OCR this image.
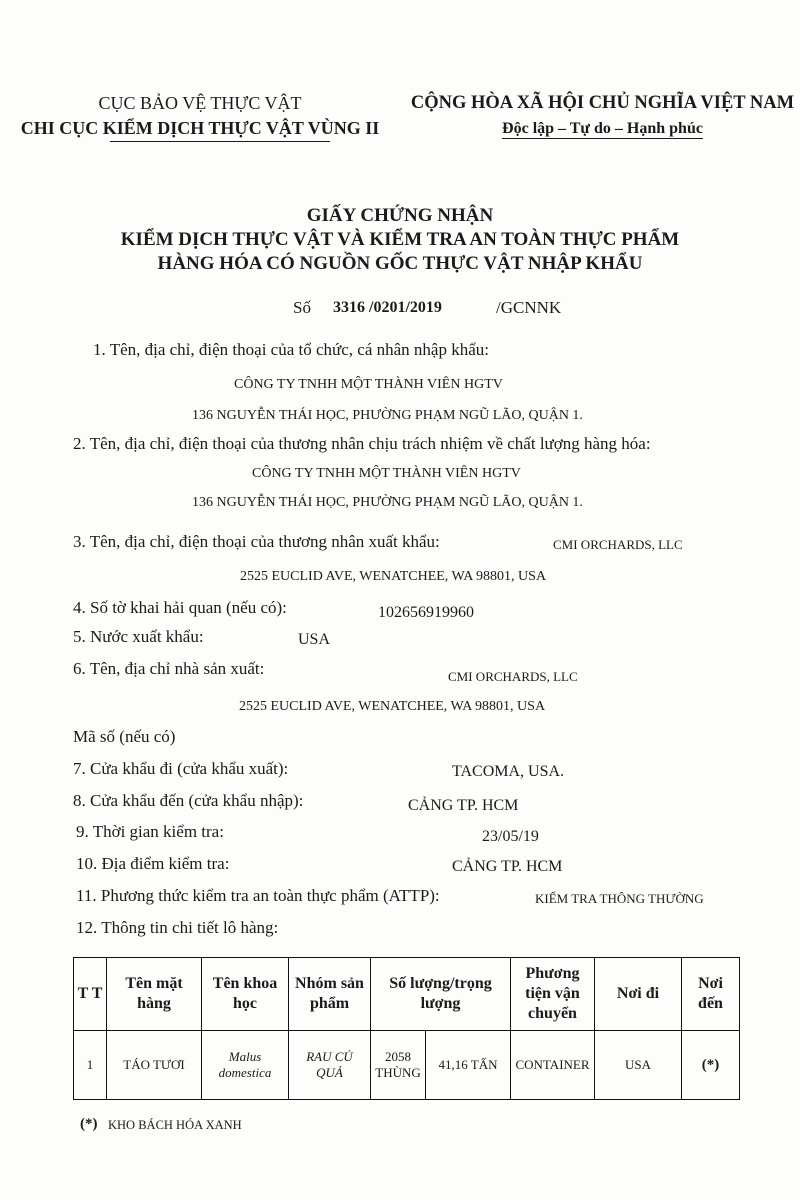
CỤC BẢO VỆ THỰC VẬT
CHI CỤC KIỂM DỊCH THỰC VẬT VÙNG II
CỘNG HÒA XÃ HỘI CHỦ NGHĨA VIỆT NAM
Độc lập – Tự do – Hạnh phúc
GIẤY CHỨNG NHẬN
KIỂM DỊCH THỰC VẬT VÀ KIỂM TRA AN TOÀN THỰC PHẨM
HÀNG HÓA CÓ NGUỒN GỐC THỰC VẬT NHẬP KHẨU
Số 3316 /0201/2019	/GCNNK
1. Tên, địa chỉ, điện thoại của tổ chức, cá nhân nhập khẩu:
CÔNG TY TNHH MỘT THÀNH VIÊN HGTV
136 NGUYỄN THÁI HỌC, PHƯỜNG PHẠM NGŨ LÃO, QUẬN 1.
2. Tên, địa chỉ, điện thoại của thương nhân chịu trách nhiệm về chất lượng hàng hóa:
CÔNG TY TNHH MỘT THÀNH VIÊN HGTV
136 NGUYỄN THÁI HỌC, PHƯỜNG PHẠM NGŨ LÃO, QUẬN 1.
3. Tên, địa chỉ, điện thoại của thương nhân xuất khẩu:	CMI ORCHARDS, LLC
2525 EUCLID AVE, WENATCHEE, WA 98801, USA
4. Số tờ khai hải quan (nếu có):	102656919960
5. Nước xuất khẩu:	USA
6. Tên, địa chỉ nhà sản xuất:	CMI ORCHARDS, LLC
2525 EUCLID AVE, WENATCHEE, WA 98801, USA
Mã số (nếu có)
7. Cửa khẩu đi (cửa khẩu xuất):	TACOMA, USA.
8. Cửa khẩu đến (cửa khẩu nhập):	CẢNG TP. HCM
9. Thời gian kiểm tra:	23/05/19
10. Địa điểm kiểm tra:	CẢNG TP. HCM
11. Phương thức kiểm tra an toàn thực phẩm (ATTP):	KIỂM TRA THÔNG THƯỜNG
12. Thông tin chi tiết lô hàng:
T T	Tên mặt hàng	Tên khoa học	Nhóm sản phẩm	Số lượng/trọng lượng		Phương tiện vận chuyển	Nơi đi	Nơi đến
1	TÁO TƯƠI	Malus domestica	RAU CỦ QUẢ	2058 THÙNG	41,16 TẤN	CONTAINER	USA	(*)
(*) KHO BÁCH HÓA XANH
